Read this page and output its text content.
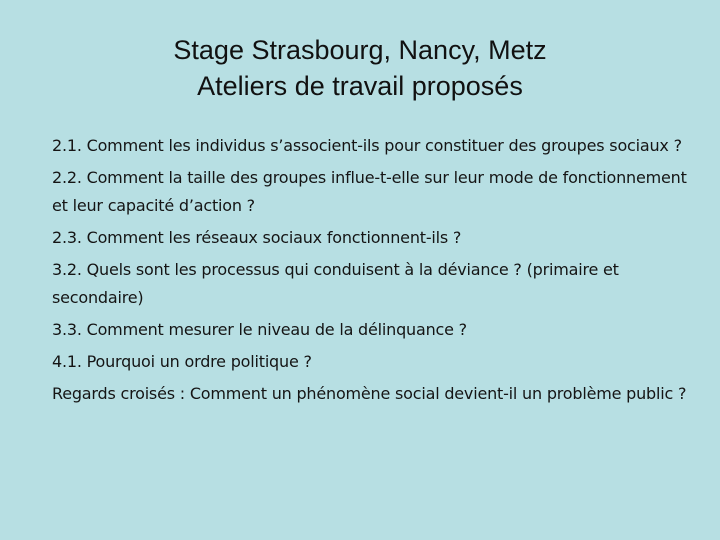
Stage Strasbourg, Nancy, Metz
Ateliers de travail proposés
2.1. Comment les individus s’associent-ils pour constituer des groupes sociaux ?
2.2. Comment la taille des groupes influe-t-elle sur leur mode de fonctionnement et leur capacité d’action ?
2.3. Comment les réseaux sociaux fonctionnent-ils ?
3.2. Quels sont les processus qui conduisent à la déviance ? (primaire et secondaire)
3.3. Comment mesurer le niveau de la délinquance ?
4.1. Pourquoi un ordre politique ?
Regards croisés : Comment un phénomène social devient-il un problème public ?
